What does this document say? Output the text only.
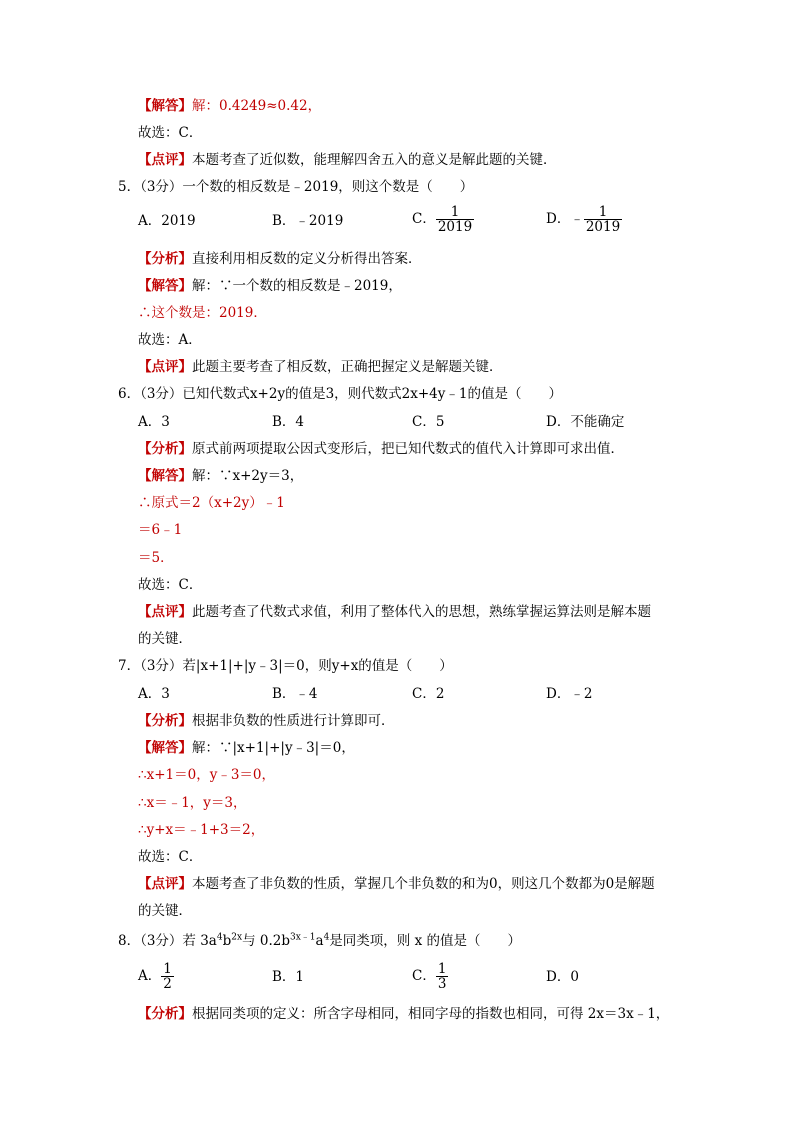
【解答】解：0.4249≈0.42，
故选：C．
【点评】本题考查了近似数，能理解四舍五入的意义是解此题的关键．
5．（3分）一个数的相反数是﹣2019，则这个数是（　　）
A．2019	B．﹣2019	C． $\frac{1}{2019}$	D．﹣ $\frac{1}{2019}$
【分析】直接利用相反数的定义分析得出答案．
【解答】解：∵一个数的相反数是﹣2019，
∴这个数是：2019．
故选：A．
【点评】此题主要考查了相反数，正确把握定义是解题关键．
6．（3分）已知代数式x+2y的值是3，则代数式2x+4y﹣1的值是（　　）
A．3	B．4	C．5	D．不能确定
【分析】原式前两项提取公因式变形后，把已知代数式的值代入计算即可求出值．
【解答】解：∵x+2y＝3，
∴原式＝2（x+2y）﹣1
＝6﹣1
＝5．
故选：C．
【点评】此题考查了代数式求值，利用了整体代入的思想，熟练掌握运算法则是解本题
的关键．
7．（3分）若|x+1|+|y﹣3|＝0，则y+x的值是（　　）
A．3	B．﹣4	C．2	D．﹣2
【分析】根据非负数的性质进行计算即可．
【解答】解：∵|x+1|+|y﹣3|＝0，
∴x+1＝0，y﹣3＝0，
∴x＝﹣1，y＝3，
∴y+x＝﹣1+3＝2，
故选：C．
【点评】本题考查了非负数的性质，掌握几个非负数的和为0，则这几个数都为0是解题
的关键．
8．（3分）若 $3a^4b^{2x}$与 $0.2b^{3x﹣1}a^4$是同类项，则 x 的值是（　　）
A． $\frac{1}{2}$	B．1	C． $\frac{1}{3}$	D．0
【分析】根据同类项的定义：所含字母相同，相同字母的指数也相同，可得 2x＝3x﹣1，
